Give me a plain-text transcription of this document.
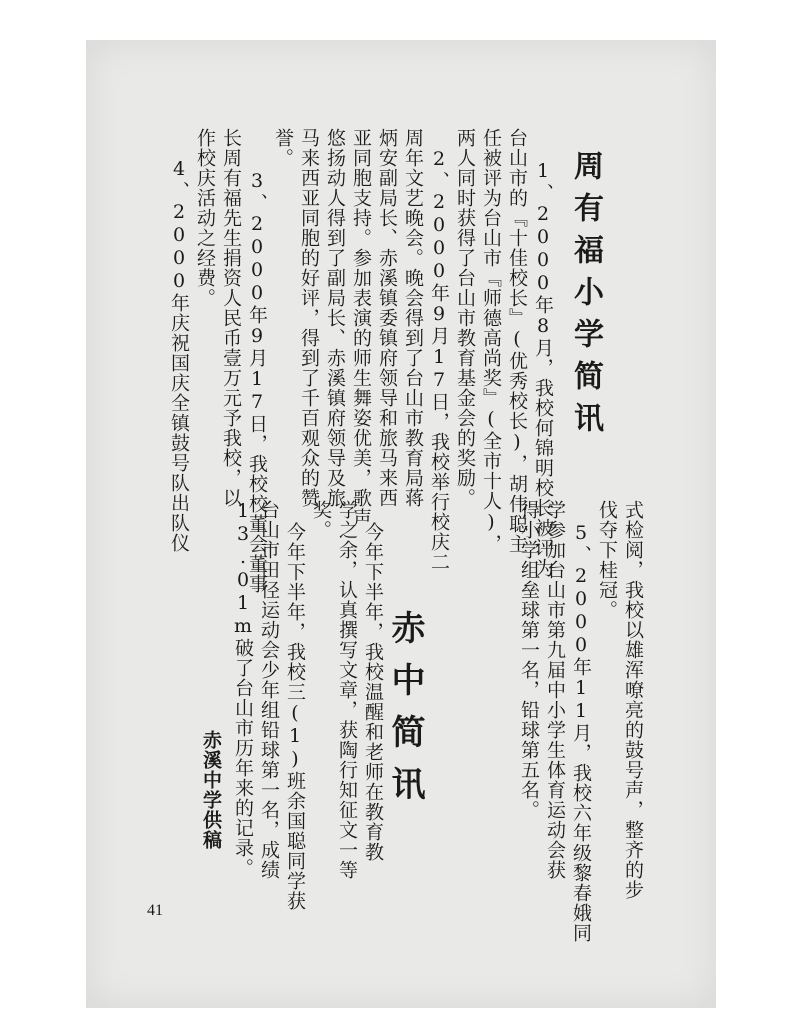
周有福小学简讯
1、2000年8月，我校何锦明校长被评为
台山市的『十佳校长』(优秀校长)，胡伟聪主
任被评为台山市『师德高尚奖』(全市十人)，
两人同时获得了台山市教育基金会的奖励。
2、2000年9月17日，我校举行校庆二
周年文艺晚会。晚会得到了台山市教育局蒋
炳安副局长、赤溪镇委镇府领导和旅马来西
亚同胞支持。参加表演的师生舞姿优美，歌声
悠扬动人得到了副局长、赤溪镇府领导及旅
马来西亚同胞的好评，得到了千百观众的赞
誉。
3、2000年9月17日，我校校董会董事
长周有福先生捐资人民币壹万元予我校，以
作校庆活动之经费。
4、2000年庆祝国庆全镇鼓号队出队仪
式检阅，我校以雄浑嘹亮的鼓号声，整齐的步
伐夺下桂冠。
5、2000年11月，我校六年级黎春娥同
学参加台山市第九届中小学生体育运动会获
得小学组垒球第一名，铅球第五名。
赤中简讯
今年下半年，我校温醒和老师在教育教
学之余，认真撰写文章，获陶行知征文一等
奖。
今年下半年，我校三(1)班余国聪同学获
台山市田径运动会少年组铅球第一名，成绩
13.01m破了台山市历年来的记录。
赤溪中学供稿
41
